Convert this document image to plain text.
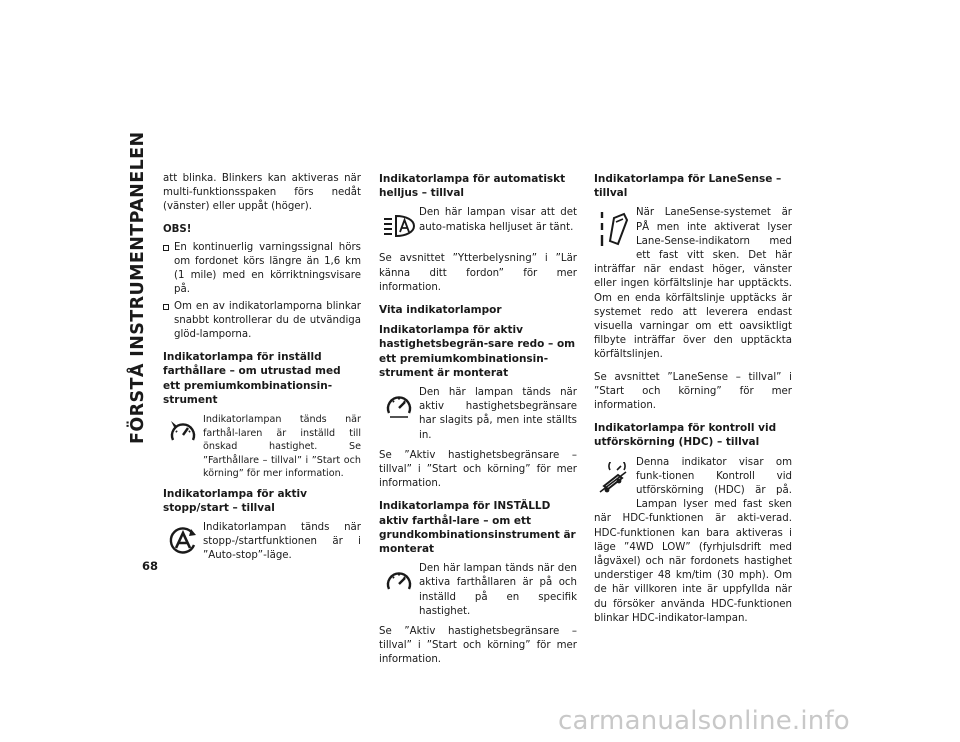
FÖRSTÅ INSTRUMENTPANELEN
68

att blinka. Blinkers kan aktiveras när multi-funktionsspaken förs nedåt (vänster) eller uppåt (höger).

OBS!

En kontinuerlig varningssignal hörs om fordonet körs längre än 1,6 km (1 mile) med en körriktningsvisare på.
Om en av indikatorlamporna blinkar snabbt kontrollerar du de utvändiga glöd-lamporna.
Indikatorlampa för inställd farthållare – om utrustad med ett premiumkombinationsin-strument
Indikatorlampan tänds när farthål-laren är inställd till önskad hastighet. Se ”Farthållare – tillval” i ”Start och körning” för mer information.
Indikatorlampa för aktiv stopp/start – tillval
Indikatorlampan tänds när stopp-/startfunktionen är i ”Auto-stop”-läge.
Indikatorlampa för automatiskt helljus – tillval
Den här lampan visar att det auto-matiska helljuset är tänt.

Se avsnittet ”Ytterbelysning” i ”Lär känna ditt fordon” för mer information.

Vita indikatorlampor
Indikatorlampa för aktiv hastighetsbegrän-sare redo – om ett premiumkombinationsin-strument är monterat
Den här lampan tänds när aktiv hastighetsbegränsare har slagits på, men inte ställts in.

Se ”Aktiv hastighetsbegränsare – tillval” i ”Start och körning” för mer information.

Indikatorlampa för INSTÄLLD aktiv farthål-lare – om ett grundkombinationsinstrument är monterat
Den här lampan tänds när den aktiva farthållaren är på och inställd på en specifik hastighet.

Se ”Aktiv hastighetsbegränsare – tillval” i ”Start och körning” för mer information.

Indikatorlampa för LaneSense – tillval

När LaneSense-systemet är PÅ men inte aktiverat lyser Lane-Sense-indikatorn med ett fast vitt sken. Det här inträffar när endast höger, vänster eller ingen körfältslinje har upptäckts. Om en enda körfältslinje upptäcks är systemet redo att leverera endast visuella varningar om ett oavsiktligt filbyte inträffar över den upptäckta körfältslinjen.

Se avsnittet ”LaneSense – tillval” i ”Start och körning” för mer information.

Indikatorlampa för kontroll vid utförskörning (HDC) – tillval

Denna indikator visar om funk-tionen Kontroll vid utförskörning (HDC) är på. Lampan lyser med fast sken när HDC-funktionen är akti-verad. HDC-funktionen kan bara aktiveras i läge ”4WD LOW” (fyrhjulsdrift med lågväxel) och när fordonets hastighet understiger 48 km/tim (30 mph). Om de här villkoren inte är uppfyllda när du försöker använda HDC-funktionen blinkar HDC-indikator-lampan.

carmanualsonline.info
